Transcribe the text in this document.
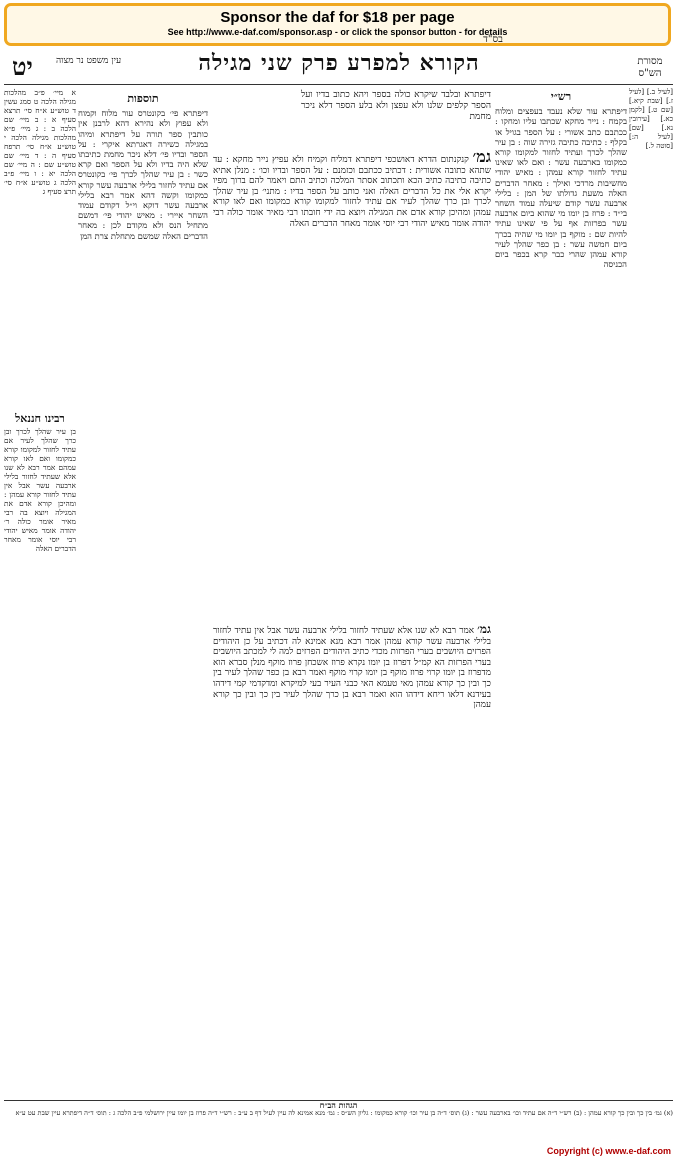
Sponsor the daf for $18 per page
See http://www.e-daf.com/sponsor.asp - or click the sponsor button - for details
בס"ד
מסורת הש"ס
הקורא למפרע פרק שני מגילה
עין משפט נר מצוה
יט
[לעיל ב.] [לעיל ז.] [שבת קיא.] [שם ט.] [לקמן כא.] [עירובין נא.] [שם] [לעיל ה:] [סוטה ל.]
רש״י
דיפתרא עור שלא נעבד בעפצים ומלוח בקמח : נייר מחקא שכתבו עליו ומחקו : ככתבם כתב אשורי : על הספר בגויל או בקלף : כתיבה כתיבה גזירה שוה : בן עיר שהלך לכרך ועתיד לחזור למקומו קורא כמקומו בארבעה עשר : ואם לאו שאינו עתיד לחזור קורא עמהן : מאיש יהודי מחשיבות מרדכי ואילך : מאחר הדברים האלה משעת גדולתו של המן : בלילי ארבעה עשר קודם שיעלה עמוד השחר בי״ד : פרוז בן יומו מי שהוא ביום ארבעה עשר בפרזות אף על פי שאינו עתיד להיות שם : מוקף בן יומו מי שהיה בכרך ביום חמשה עשר : בן כפר שהלך לעיר קורא עמהן שהרי כבר קרא בכפר ביום הכניסה
דיפתרא ובלבד שיקרא כולה בספר ויהא כתוב בדיו ועל הספר קלפים שלנו ולא עפצן ולא בלע הספר דלא ניכר מחמת
גמ׳ קנקנתום הדרא דאושכפי דיפתרא דמליח וקמיח ולא עפיץ נייר מחקא : עד שתהא כתובה אשורית : דכתיב ככתבם וכזמנם : על הספר ובדיו וכו׳ : מנלן אתיא כתיבה כתיבה כתיב הכא ותכתוב אסתר המלכה וכתיב התם ויאמר להם ברוך מפיו יקרא אלי את כל הדברים האלה ואני כותב על הספר בדיו : מתני׳ בן עיר שהלך לכרך ובן כרך שהלך לעיר אם עתיד לחזור למקומו קורא כמקומו ואם לאו קורא עמהן ומהיכן קורא אדם את המגילה ויוצא בה ידי חובתו רבי מאיר אומר כולה רבי יהודה אומר מאיש יהודי רבי יוסי אומר מאחר הדברים האלה
גמ׳ אמר רבא לא שנו אלא שעתיד לחזור בלילי ארבעה עשר אבל אין עתיד לחזור בלילי ארבעה עשר קורא עמהן אמר רבא מנא אמינא לה דכתיב על כן היהודים הפרזים היושבים בערי הפרזות מכדי כתיב היהודים הפרזים למה לי למכתב היושבים בערי הפרזות הא קמ״ל דפרוז בן יומו נקרא פרוז אשכחן פרוז מוקף מנלן סברא הוא מדפרוז בן יומו קרוי פרוז מוקף בן יומו קרוי מוקף ואמר רבא בן כפר שהלך לעיר בין כך ובין כך קורא עמהן מאי טעמא האי כבני העיר בעי למיקרא ומדקדמי קמי דידהו בעידנא דלאו ריחא דידהו הוא ואמר רבא בן כרך שהלך לעיר בין כך ובין כך קורא עמהן
תוספות
דיפתרא פי׳ בקונטרס עור מלוח וקמוח ולא עפוץ ולא נהירא דהא לרבנן אין כותבין ספר תורה על דיפתרא ומיהו במגילה כשירה דאגרתא איקרי : על הספר ובדיו פי׳ דלא ניכר מחמת כתיבתו שלא היה בדיו ולא על הספר ואם קרא כשר : בן עיר שהלך לכרך פי׳ בקונטרס אם עתיד לחזור בלילי ארבעה עשר קורא כמקומו וקשה דהא אמר רבא בלילי ארבעה עשר דוקא וי״ל דקודם עמוד השחר איירי : מאיש יהודי פי׳ דמשם מתחיל הנס ולא מקודם לכן : מאחר הדברים האלה שמשם מתחלת צרת המן
א מיי׳ פ״ב מהלכות מגילה הלכה ט סמג עשין ד טוש״ע א״ח סי׳ תרצא סעיף א : ב מיי׳ שם הלכה ב : ג מיי׳ פ״א מהלכות מגילה הלכה י טוש״ע א״ח סי׳ תרפח סעיף ה : ד מיי׳ שם טוש״ע שם : ה מיי׳ שם הלכה יא : ו מיי׳ פ״ב הלכה ג טוש״ע א״ח סי׳ תרצ סעיף ג
רבינו חננאל
בן עיר שהלך לכרך ובן כרך שהלך לעיר אם עתיד לחזור למקומו קורא כמקומו ואם לאו קורא עמהם אמר רבא לא שנו אלא שעתיד לחזור בלילי ארבעה עשר אבל אין עתיד לחזור קורא עמהן : ומהיכן קורא אדם את המגילה ויוצא בה רבי מאיר אומר כולה ר׳ יהודה אומר מאיש יהודי רבי יוסי אומר מאחר הדברים האלה
הגהות הב״ח
(א) גמ׳ בין כך ובין כך קורא עמהן : (ב) רש״י ד״ה אם עתיד וכו׳ בארבעה עשר : (ג) תוס׳ ד״ה בן עיר וכו׳ קורא כמקומו : גליון הש״ס : גמ׳ מנא אמינא לה עיין לעיל דף ב ע״ב : רש״י ד״ה פרוז בן יומו עיין ירושלמי פ״ב הלכה ג : תוס׳ ד״ה דיפתרא עיין שבת עט ע״א
Copyright (c) www.e-daf.com
